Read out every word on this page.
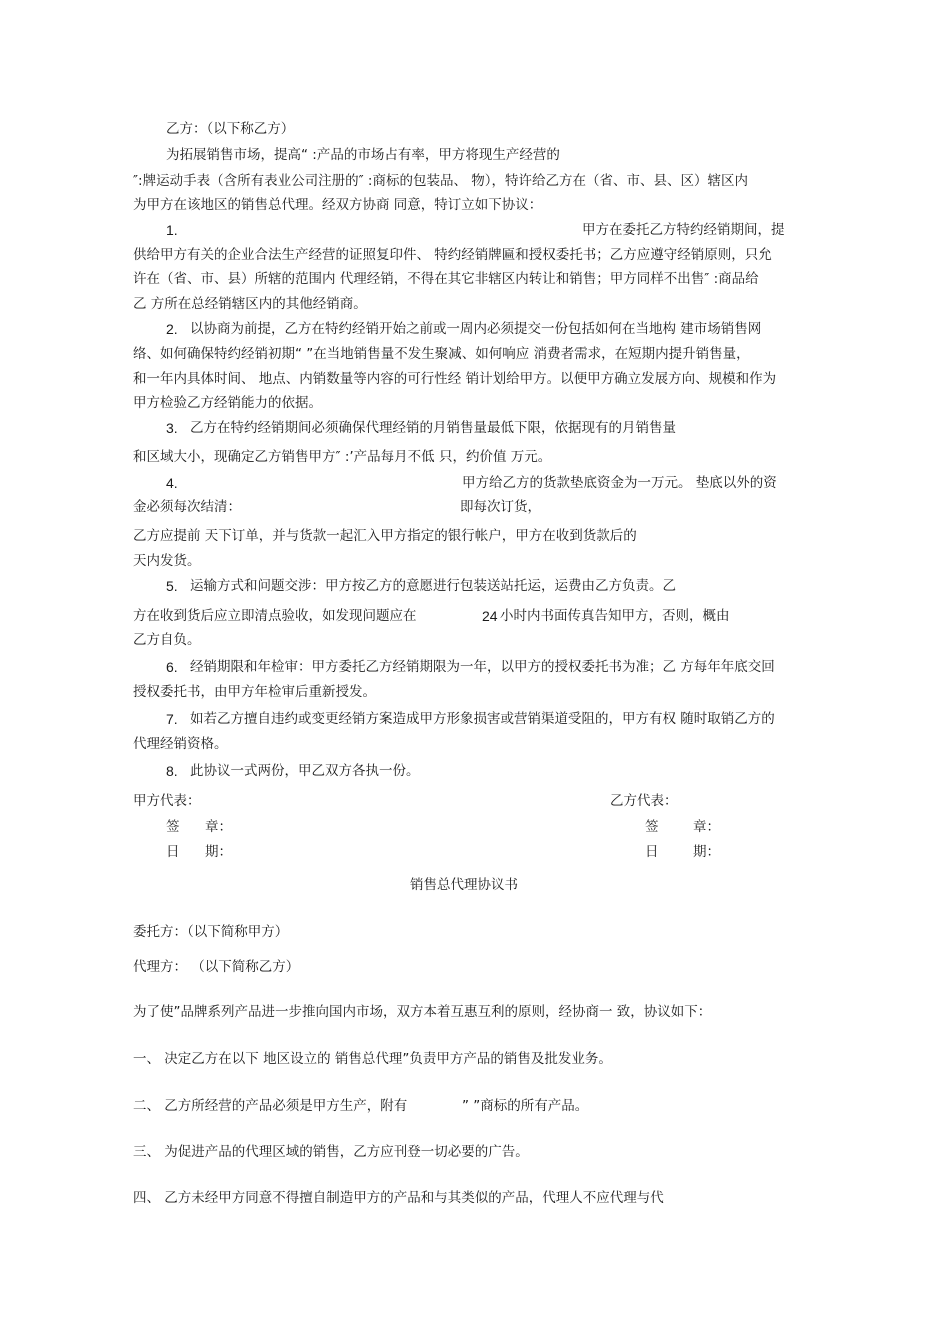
乙方：（以下称乙方）

为拓展销售市场，提高“ :产品的市场占有率，甲方将现生产经营的

″:牌运动手表（含所有表业公司注册的″ :商标的包装品、 物），特许给乙方在（省、市、县、区）辖区内

为甲方在该地区的销售总代理。经双方协商 同意，特订立如下协议：

1.	甲方在委托乙方特约经销期间，提

供给甲方有关的企业合法生产经营的证照复印件、 特约经销牌匾和授权委托书；乙方应遵守经销原则，只允

许在（省、市、县）所辖的范围内 代理经销，不得在其它非辖区内转让和销售；甲方同样不出售″ :商品给

乙 方所在总经销辖区内的其他经销商。

2. 以协商为前提，乙方在特约经销开始之前或一周内必须提交一份包括如何在当地构 建市场销售网

络、如何确保特约经销初期“ ”在当地销售量不发生聚减、如何响应 消费者需求，在短期内提升销售量，

和一年内具体时间、 地点、内销数量等内容的可行性经 销计划给甲方。以便甲方确立发展方向、规模和作为

甲方检验乙方经销能力的依据。

3. 乙方在特约经销期间必须确保代理经销的月销售量最低下限，依据现有的月销售量

和区域大小，现确定乙方销售甲方″ :’产品每月不低 只，约价值 万元。

4.	甲方给乙方的货款垫底资金为一万元。 垫底以外的资

金必须每次结清：	即每次订货，

乙方应提前 天下订单，并与货款一起汇入甲方指定的银行帐户，甲方在收到货款后的

天内发货。

5. 运输方式和问题交涉：甲方按乙方的意愿进行包装送站托运，运费由乙方负责。乙

方在收到货后应立即清点验收，如发现问题应在	24 小时内书面传真告知甲方，否则，概由

乙方自负。

6. 经销期限和年检审：甲方委托乙方经销期限为一年，以甲方的授权委托书为准；乙 方每年年底交回

授权委托书，由甲方年检审后重新授发。

7. 如若乙方擅自违约或变更经销方案造成甲方形象损害或营销渠道受阻的，甲方有权 随时取销乙方的

代理经销资格。

8. 此协议一式两份，甲乙双方各执一份。

甲方代表：	乙方代表：

签 章：	签	章：

日 期：	日	期：

销售总代理协议书

委托方：（以下简称甲方）

代理方： （以下简称乙方）

为了使”品牌系列产品进一步推向国内市场，双方本着互惠互利的原则，经协商一 致，协议如下：

一、 决定乙方在以下 地区设立的 销售总代理”负责甲方产品的销售及批发业务。

二、 乙方所经营的产品必须是甲方生产，附有	” ”商标的所有产品。

三、 为促进产品的代理区域的销售，乙方应刊登一切必要的广告。

四、 乙方未经甲方同意不得擅自制造甲方的产品和与其类似的产品，代理人不应代理与代
